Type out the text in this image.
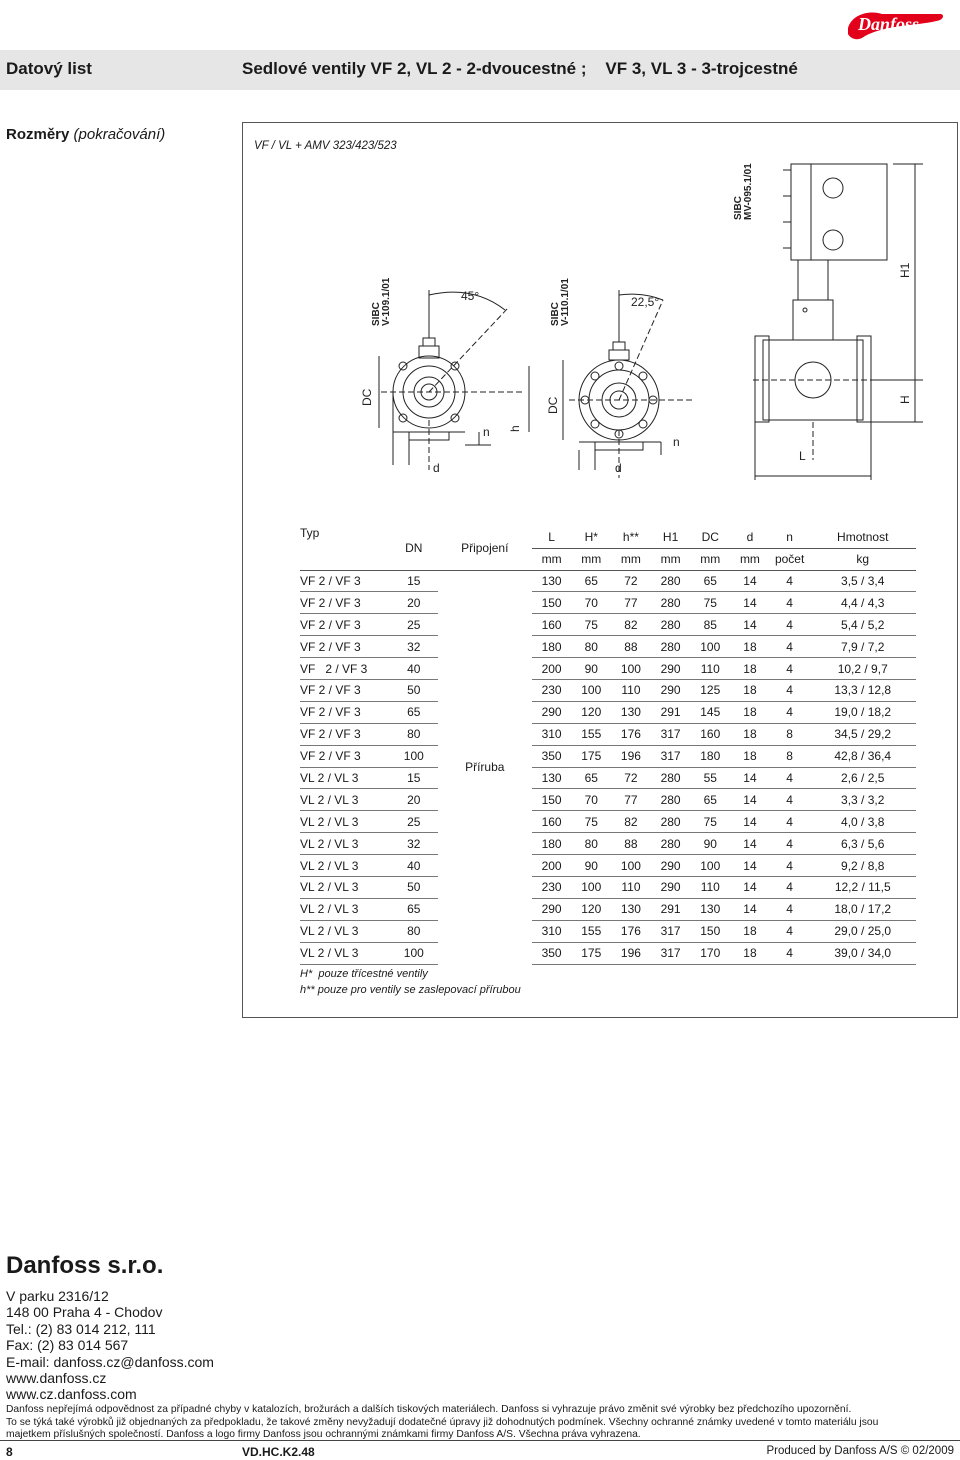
Danfoss
Datový list	Sedlové ventily VF 2, VL 2 - 2-dvoucestné ;    VF 3, VL 3 - 3-trojcestné
Rozměry (pokračování)
VF / VL + AMV 323/423/523
SIBC V-109.1/01	45°
SIBC V-110.1/01	22,5°
SIBC MV-095.1/01
DC	DC
d	d
n
n
h
H
H1
L
Typ	DN	Připojení	L	H*	h**	H1	DC	d	n	Hmotnost
			mm	mm	mm	mm	mm	mm	počet	kg
VF 2 / VF 3	15	Příruba	130	65	72	280	65	14	4	3,5 / 3,4
VF 2 / VF 3	20		150	70	77	280	75	14	4	4,4 / 4,3
VF 2 / VF 3	25		160	75	82	280	85	14	4	5,4 / 5,2
VF 2 / VF 3	32		180	80	88	280	100	18	4	7,9 / 7,2
VF   2 / VF 3	40		200	90	100	290	110	18	4	10,2 / 9,7
VF 2 / VF 3	50		230	100	110	290	125	18	4	13,3 / 12,8
VF 2 / VF 3	65		290	120	130	291	145	18	4	19,0 / 18,2
VF 2 / VF 3	80		310	155	176	317	160	18	8	34,5 / 29,2
VF 2 / VF 3	100		350	175	196	317	180	18	8	42,8 / 36,4
VL 2 / VL 3	15		130	65	72	280	55	14	4	2,6 / 2,5
VL 2 / VL 3	20		150	70	77	280	65	14	4	3,3 / 3,2
VL 2 / VL 3	25		160	75	82	280	75	14	4	4,0 / 3,8
VL 2 / VL 3	32		180	80	88	280	90	14	4	6,3 / 5,6
VL 2 / VL 3	40		200	90	100	290	100	14	4	9,2 / 8,8
VL 2 / VL 3	50		230	100	110	290	110	14	4	12,2 / 11,5
VL 2 / VL 3	65		290	120	130	291	130	14	4	18,0 / 17,2
VL 2 / VL 3	80		310	155	176	317	150	18	4	29,0 / 25,0
VL 2 / VL 3	100		350	175	196	317	170	18	4	39,0 / 34,0
H*  pouze třícestné ventily
h** pouze pro ventily se zaslepovací přírubou
Danfoss s.r.o.
V parku 2316/12
148 00 Praha 4 - Chodov
Tel.: (2) 83 014 212, 111
Fax: (2) 83 014 567
E-mail: danfoss.cz@danfoss.com
www.danfoss.cz
www.cz.danfoss.com
Danfoss nepřejímá odpovědnost za případné chyby v katalozích, brožurách a dalších tiskových materiálech. Danfoss si vyhrazuje právo změnit své výrobky bez předchozího upozornění.
To se týká také výrobků již objednaných za předpokladu, že takové změny nevyžadují dodatečné úpravy již dohodnutých podmínek. Všechny ochranné známky uvedené v tomto materiálu jsou
majetkem příslušných společností. Danfoss a logo firmy Danfoss jsou ochrannými známkami firmy Danfoss A/S. Všechna práva vyhrazena.
8	VD.HC.K2.48	Produced by Danfoss A/S © 02/2009
